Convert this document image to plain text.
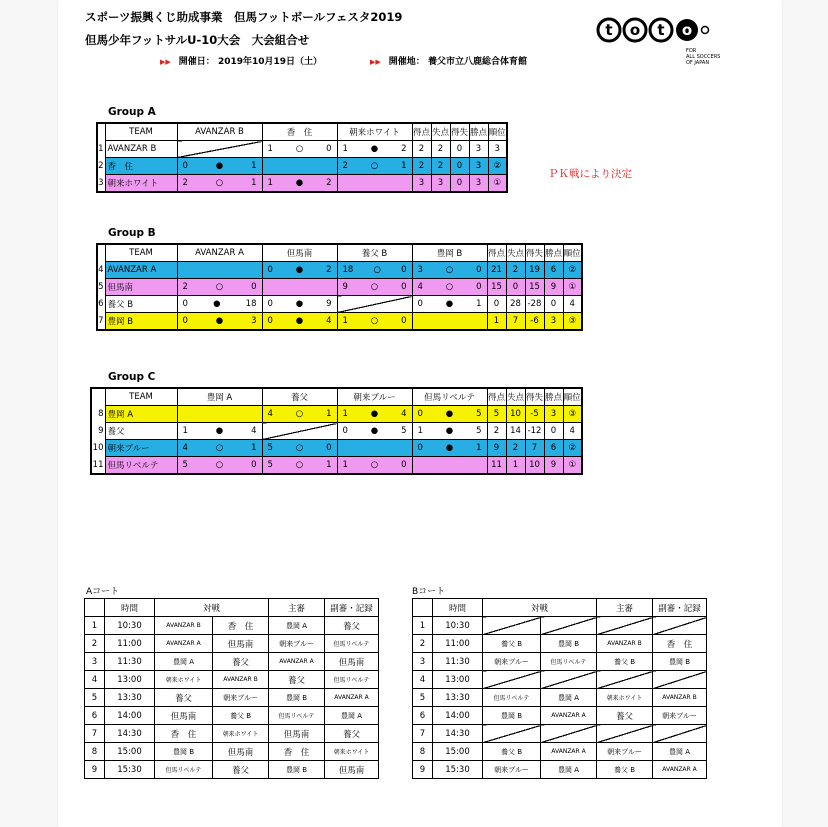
スポーツ振興くじ助成事業　但馬フットボールフェスタ2019
但馬少年フットサルU-10大会　大会組合せ
▶▶ 開催日： 2019年10月19日（土）	▶▶ 開催地： 養父市立八鹿総合体育館
t o t o
FOR
ALL SOCCERS
OF JAPAN
Group A
	TEAM	AVANZAR B	香　住	朝来ホワイト	得点	失点	得失	勝点	順位
1	AVANZAR B		1 ○ 0	1 ● 2	2	2	0	3	3
2	香　住	0 ● 1		2 ○ 1	2	2	0	3	②
3	朝来ホワイト	2 ○ 1	1 ● 2		3	3	0	3	①
ＰＫ戦により決定
Group B
	TEAM	AVANZAR A	但馬南	養父 B	豊岡 B	得点	失点	得失	勝点	順位
4	AVANZAR A		0 ● 2	18 ○ 0	3 ○ 0	21	2	19	6	②
5	但馬南	2 ○ 0		9 ○ 0	4 ○ 0	15	0	15	9	①
6	養父 B	0 ● 18	0 ● 9		0 ● 1	0	28	-28	0	4
7	豊岡 B	0 ● 3	0 ● 4	1 ○ 0		1	7	-6	3	③
Group C
	TEAM	豊岡 A	養父	朝来ブルー	但馬リベルテ	得点	失点	得失	勝点	順位
8	豊岡 A		4 ○ 1	1 ● 4	0 ● 5	5	10	-5	3	③
9	養父	1 ● 4		0 ● 5	1 ● 5	2	14	-12	0	4
10	朝来ブルー	4 ○ 1	5 ○ 0		0 ● 1	9	2	7	6	②
11	但馬リベルテ	5 ○ 0	5 ○ 1	1 ○ 0		11	1	10	9	①
Aコート
	時間	対戦		主審	副審・記録
1	10:30	AVANZAR B	香　住	豊岡 A	養父
2	11:00	AVANZAR A	但馬南	朝来ブルー	但馬リベルテ
3	11:30	豊岡 A	養父	AVANZAR A	但馬南
4	13:00	朝来ホワイト	AVANZAR B	養父	但馬リベルテ
5	13:30	養父	朝来ブルー	豊岡 B	AVANZAR A
6	14:00	但馬南	養父 B	但馬リベルテ	豊岡 A
7	14:30	香　住	朝来ホワイト	但馬南	養父
8	15:00	豊岡 B	但馬南	香　住	朝来ホワイト
9	15:30	但馬リベルテ	養父	豊岡 B	但馬南
Bコート
	時間	対戦		主審	副審・記録
1	10:30				
2	11:00	養父 B	豊岡 B	AVANZAR B	香　住
3	11:30	朝来ブルー	但馬リベルテ	養父 B	豊岡 B
4	13:00				
5	13:30	但馬リベルテ	豊岡 A	朝来ホワイト	AVANZAR B
6	14:00	豊岡 B	AVANZAR A	養父	朝来ブルー
7	14:30				
8	15:00	養父 B	AVANZAR A	朝来ブルー	豊岡 A
9	15:30	朝来ブルー	豊岡 A	養父 B	AVANZAR A
